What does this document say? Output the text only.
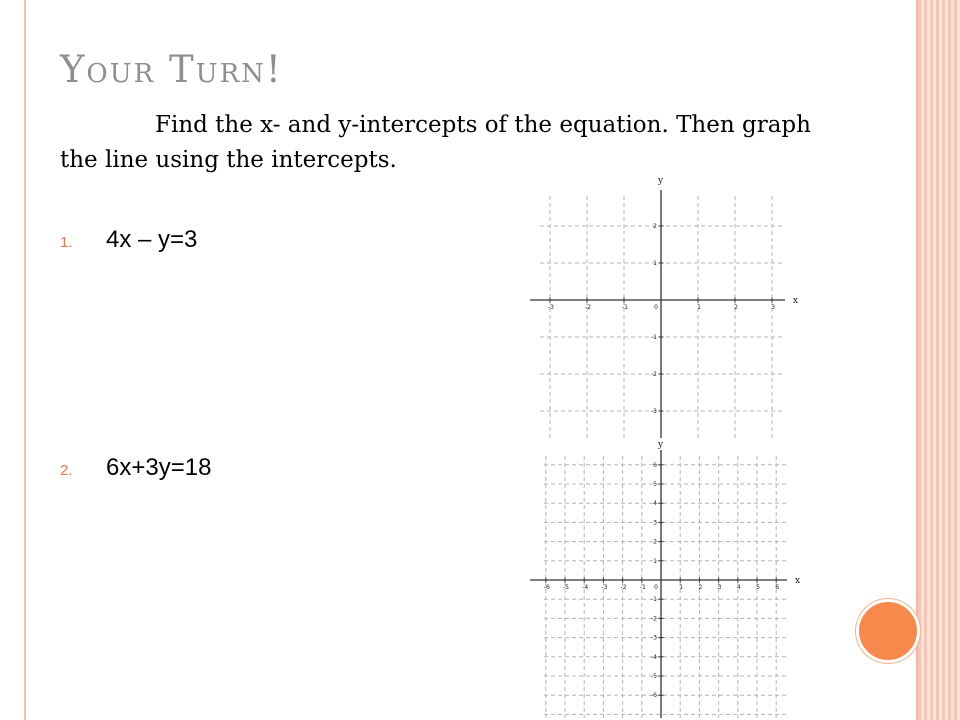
Your Turn!

Find the x- and y-intercepts of the equation. Then graph the line using the intercepts.

1.	4x – y=3
2.	6x+3y=18
-3	-2	-1	0	1	2	3
2
1
-1
-2
-3
x
y
-6 -5 -4 -3 -2 -1 0	1	2	3	4	5	6
6
5
4
3
2
1
-1
-2
-3
-4
-5
-6
x
y
